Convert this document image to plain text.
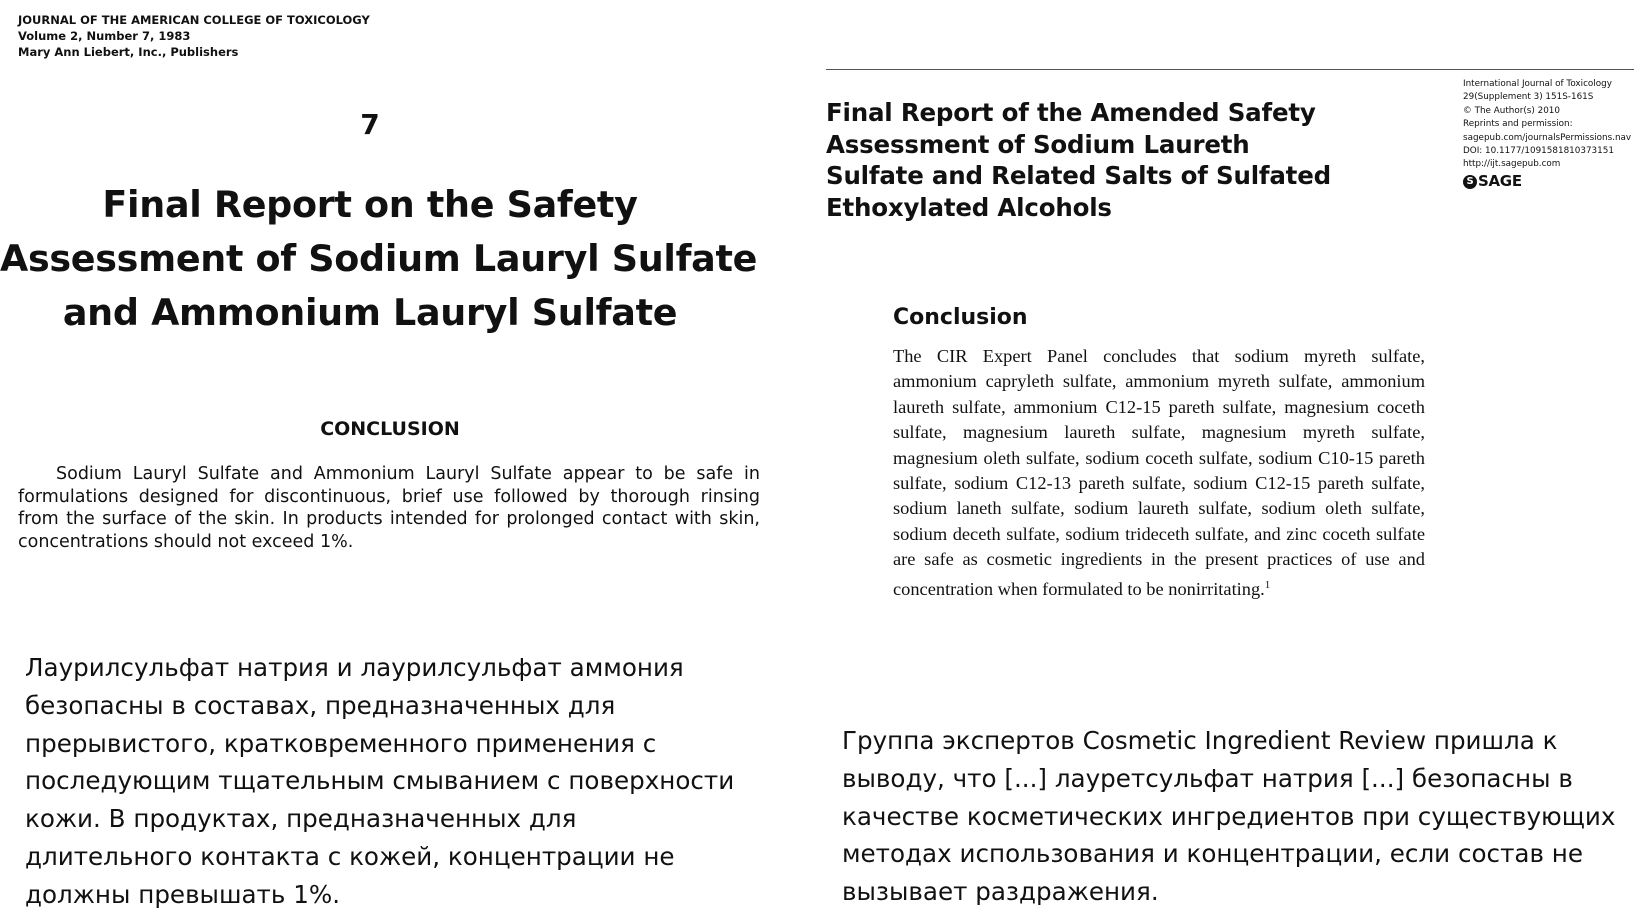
JOURNAL OF THE AMERICAN COLLEGE OF TOXICOLOGY
Volume 2, Number 7, 1983
Mary Ann Liebert, Inc., Publishers
7
Final Report on the Safety
Assessment of Sodium Lauryl Sulfate
and Ammonium Lauryl Sulfate
CONCLUSION
Sodium Lauryl Sulfate and Ammonium Lauryl Sulfate appear to be safe in formulations designed for discontinuous, brief use followed by thorough rinsing from the surface of the skin. In products intended for prolonged contact with skin, concentrations should not exceed 1%.
Final Report of the Amended Safety
Assessment of Sodium Laureth
Sulfate and Related Salts of Sulfated
Ethoxylated Alcohols
International Journal of Toxicology
29(Supplement 3) 151S-161S
© The Author(s) 2010
Reprints and permission:
sagepub.com/journalsPermissions.nav
DOI: 10.1177/1091581810373151
http://ijt.sagepub.com
S SAGE
Conclusion
The CIR Expert Panel concludes that sodium myreth sulfate, ammonium capryleth sulfate, ammonium myreth sulfate, ammonium laureth sulfate, ammonium C12-15 pareth sulfate, magnesium coceth sulfate, magnesium laureth sulfate, magnesium myreth sulfate, magnesium oleth sulfate, sodium coceth sulfate, sodium C10-15 pareth sulfate, sodium C12-13 pareth sulfate, sodium C12-15 pareth sulfate, sodium laneth sulfate, sodium laureth sulfate, sodium oleth sulfate, sodium deceth sulfate, sodium trideceth sulfate, and zinc coceth sulfate are safe as cosmetic ingredients in the present practices of use and concentration when formulated to be nonirritating.$^1$
Лаурилсульфат натрия и лаурилсульфат аммония
безопасны в составах, предназначенных для
прерывистого, кратковременного применения с
последующим тщательным смыванием с поверхности
кожи. В продуктах, предназначенных для
длительного контакта с кожей, концентрации не
должны превышать 1%.
Группа экспертов Cosmetic Ingredient Review пришла к
выводу, что [...] лауретсульфат натрия [...] безопасны в
качестве косметических ингредиентов при существующих
методах использования и концентрации, если состав не
вызывает раздражения.
